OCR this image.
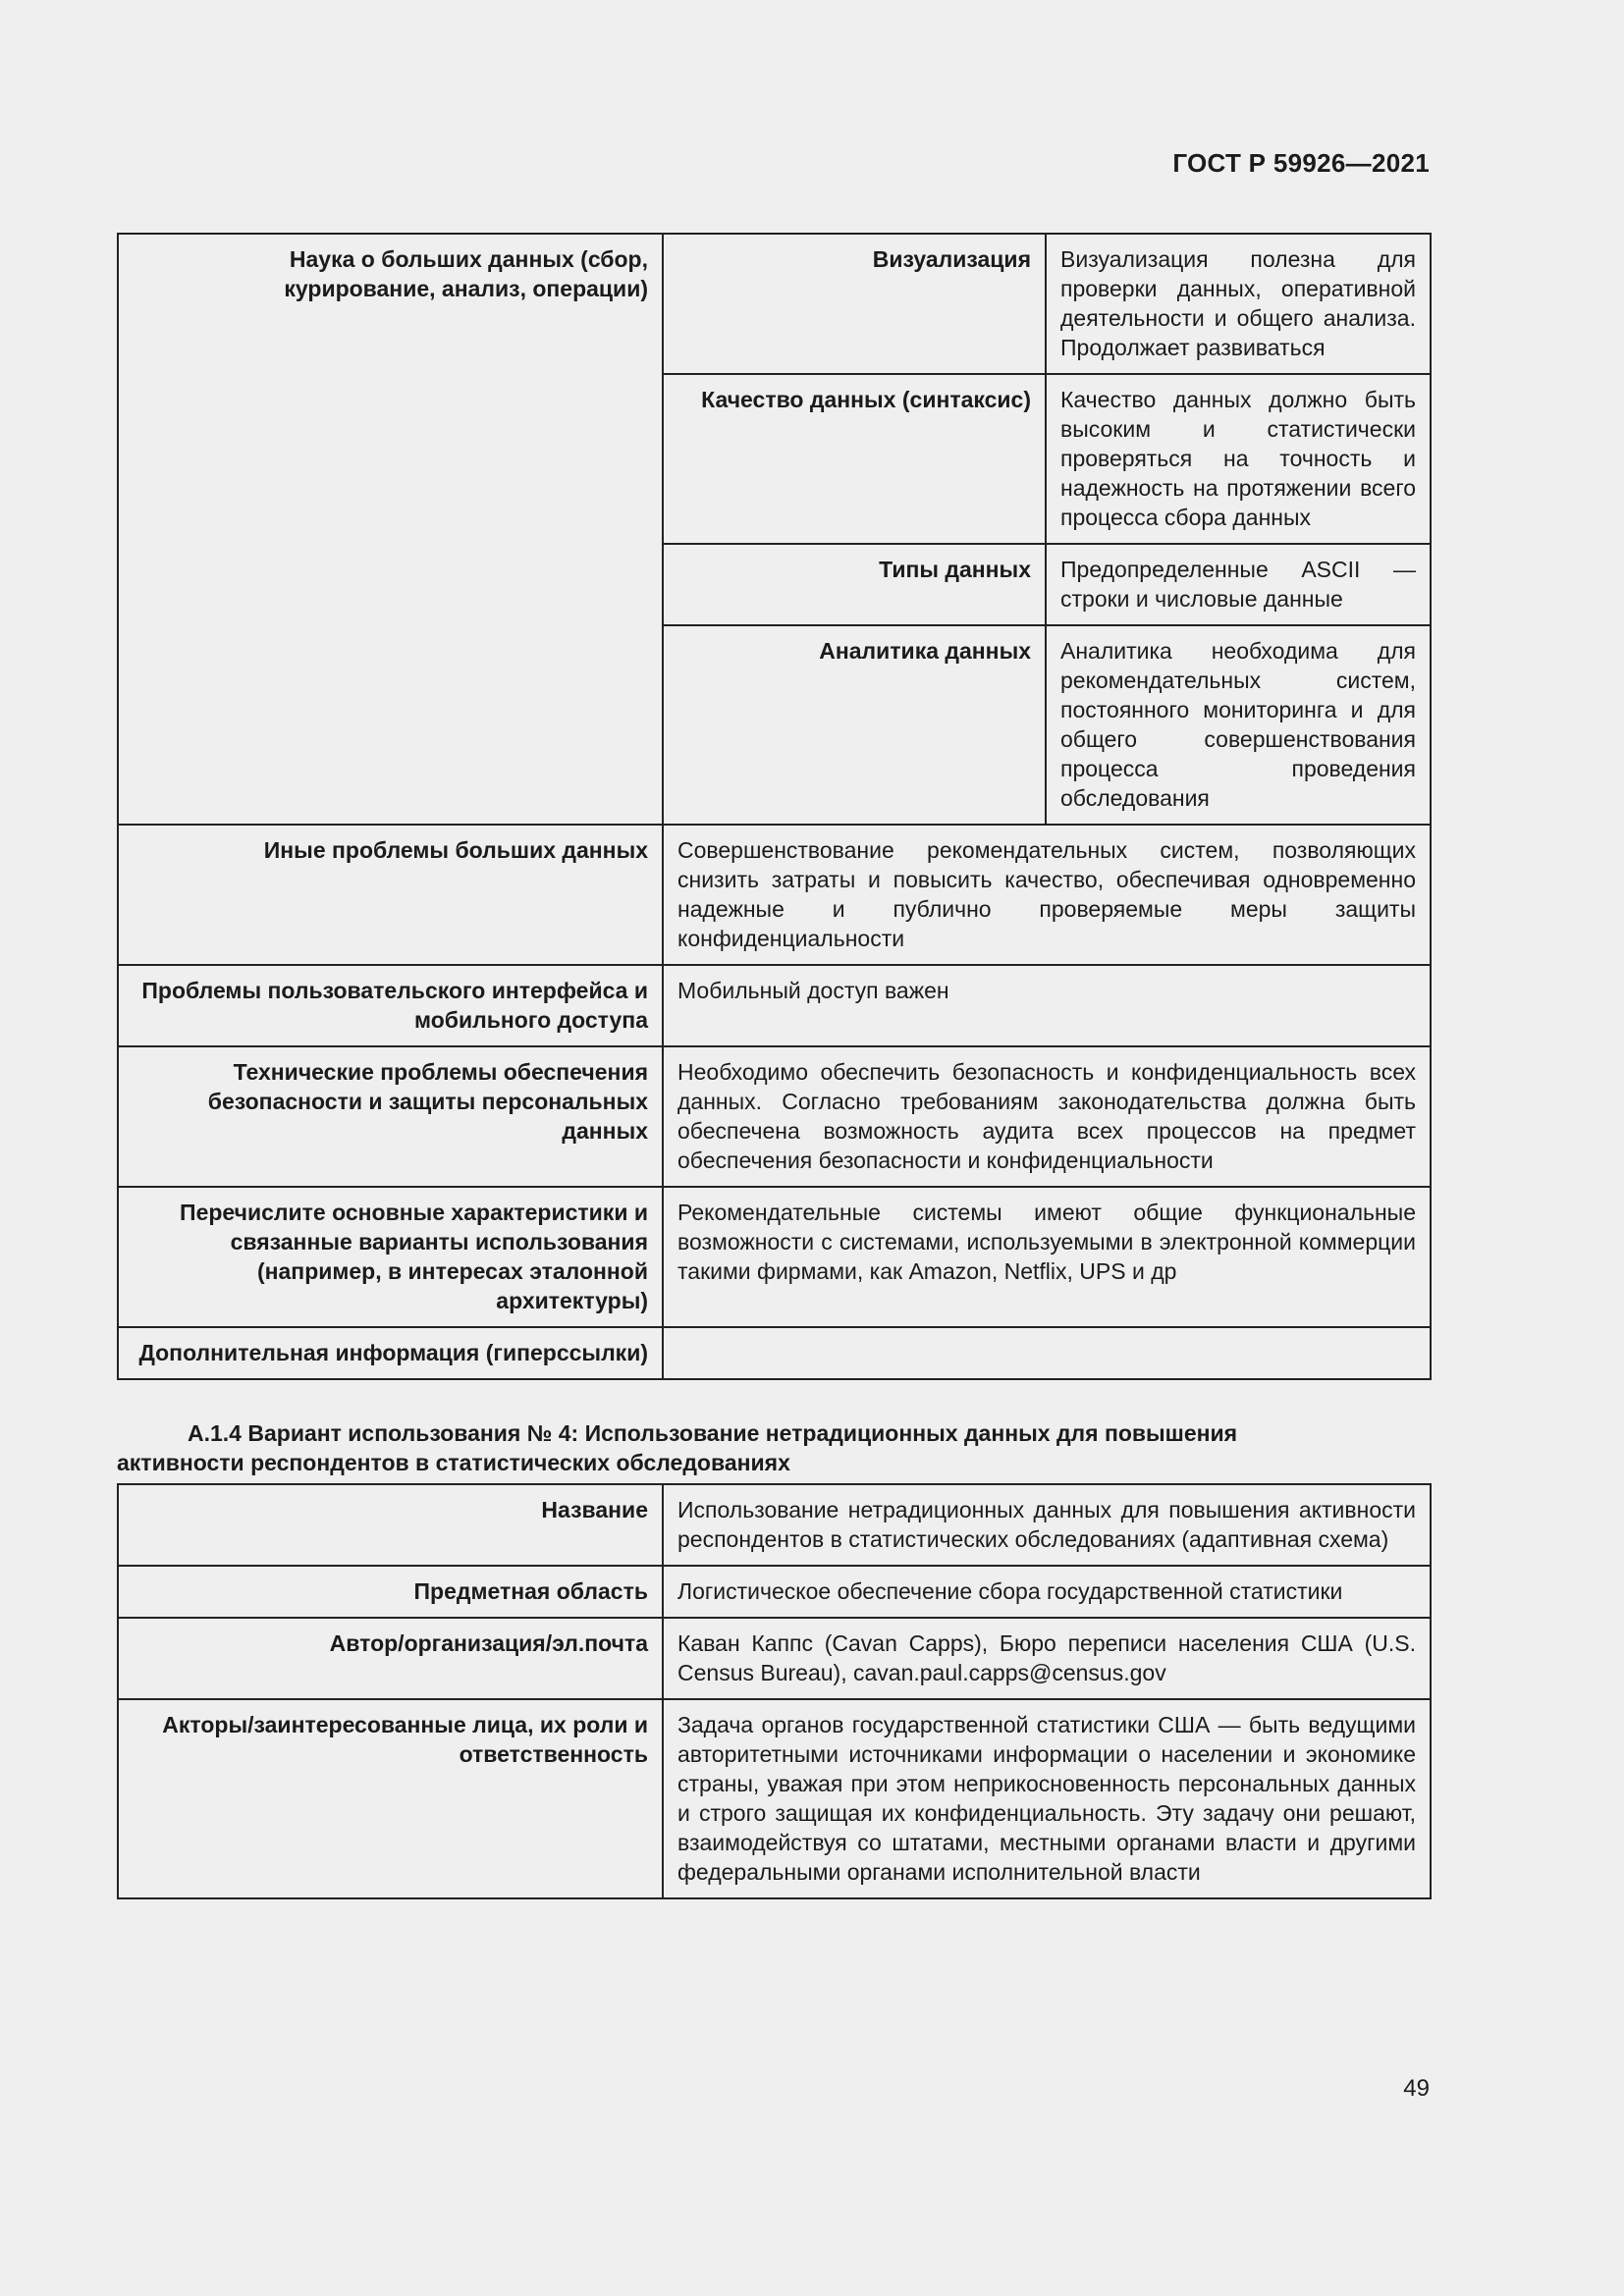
ГОСТ Р 59926—2021
Наука о больших данных (сбор, курирование, анализ, операции)	Визуализация	Визуализация полезна для проверки данных, оперативной деятельности и общего анализа. Продолжает развиваться
	Качество данных (синтаксис)	Качество данных должно быть высоким и статистически проверяться на точность и надежность на протяжении всего процесса сбора данных
	Типы данных	Предопределенные ASCII — строки и числовые данные
	Аналитика данных	Аналитика необходима для рекомендательных систем, постоянного мониторинга и для общего совершенствования процесса проведения обследования
Иные проблемы больших данных	Совершенствование рекомендательных систем, позволяющих снизить затраты и повысить качество, обеспечивая одновременно надежные и публично проверяемые меры защиты конфиденциальности	
Проблемы пользовательского интерфейса и мобильного доступа	Мобильный доступ важен	
Технические проблемы обеспечения безопасности и защиты персональных данных	Необходимо обеспечить безопасность и конфиденциальность всех данных. Согласно требованиям законодательства должна быть обеспечена возможность аудита всех процессов на предмет обеспечения безопасности и конфиденциальности	
Перечислите основные характеристики и связанные варианты использования (например, в интересах эталонной архитектуры)	Рекомендательные системы имеют общие функциональные возможности с системами, используемыми в электронной коммерции такими фирмами, как Amazon, Netflix, UPS и др	
Дополнительная информация (гиперссылки)		
А.1.4 Вариант использования № 4: Использование нетрадиционных данных для повышения
активности респондентов в статистических обследованиях
Название	Использование нетрадиционных данных для повышения активности респондентов в статистических обследованиях (адаптивная схема)
Предметная область	Логистическое обеспечение сбора государственной статистики
Автор/организация/эл.почта	Каван Каппс (Cavan Capps), Бюро переписи населения США (U.S. Census Bureau), cavan.paul.capps@census.gov
Акторы/заинтересованные лица, их роли и ответственность	Задача органов государственной статистики США — быть ведущими авторитетными источниками информации о населении и экономике страны, уважая при этом неприкосновенность персональных данных и строго защищая их конфиденциальность. Эту задачу они решают, взаимодействуя со штатами, местными органами власти и другими федеральными органами исполнительной власти
49
